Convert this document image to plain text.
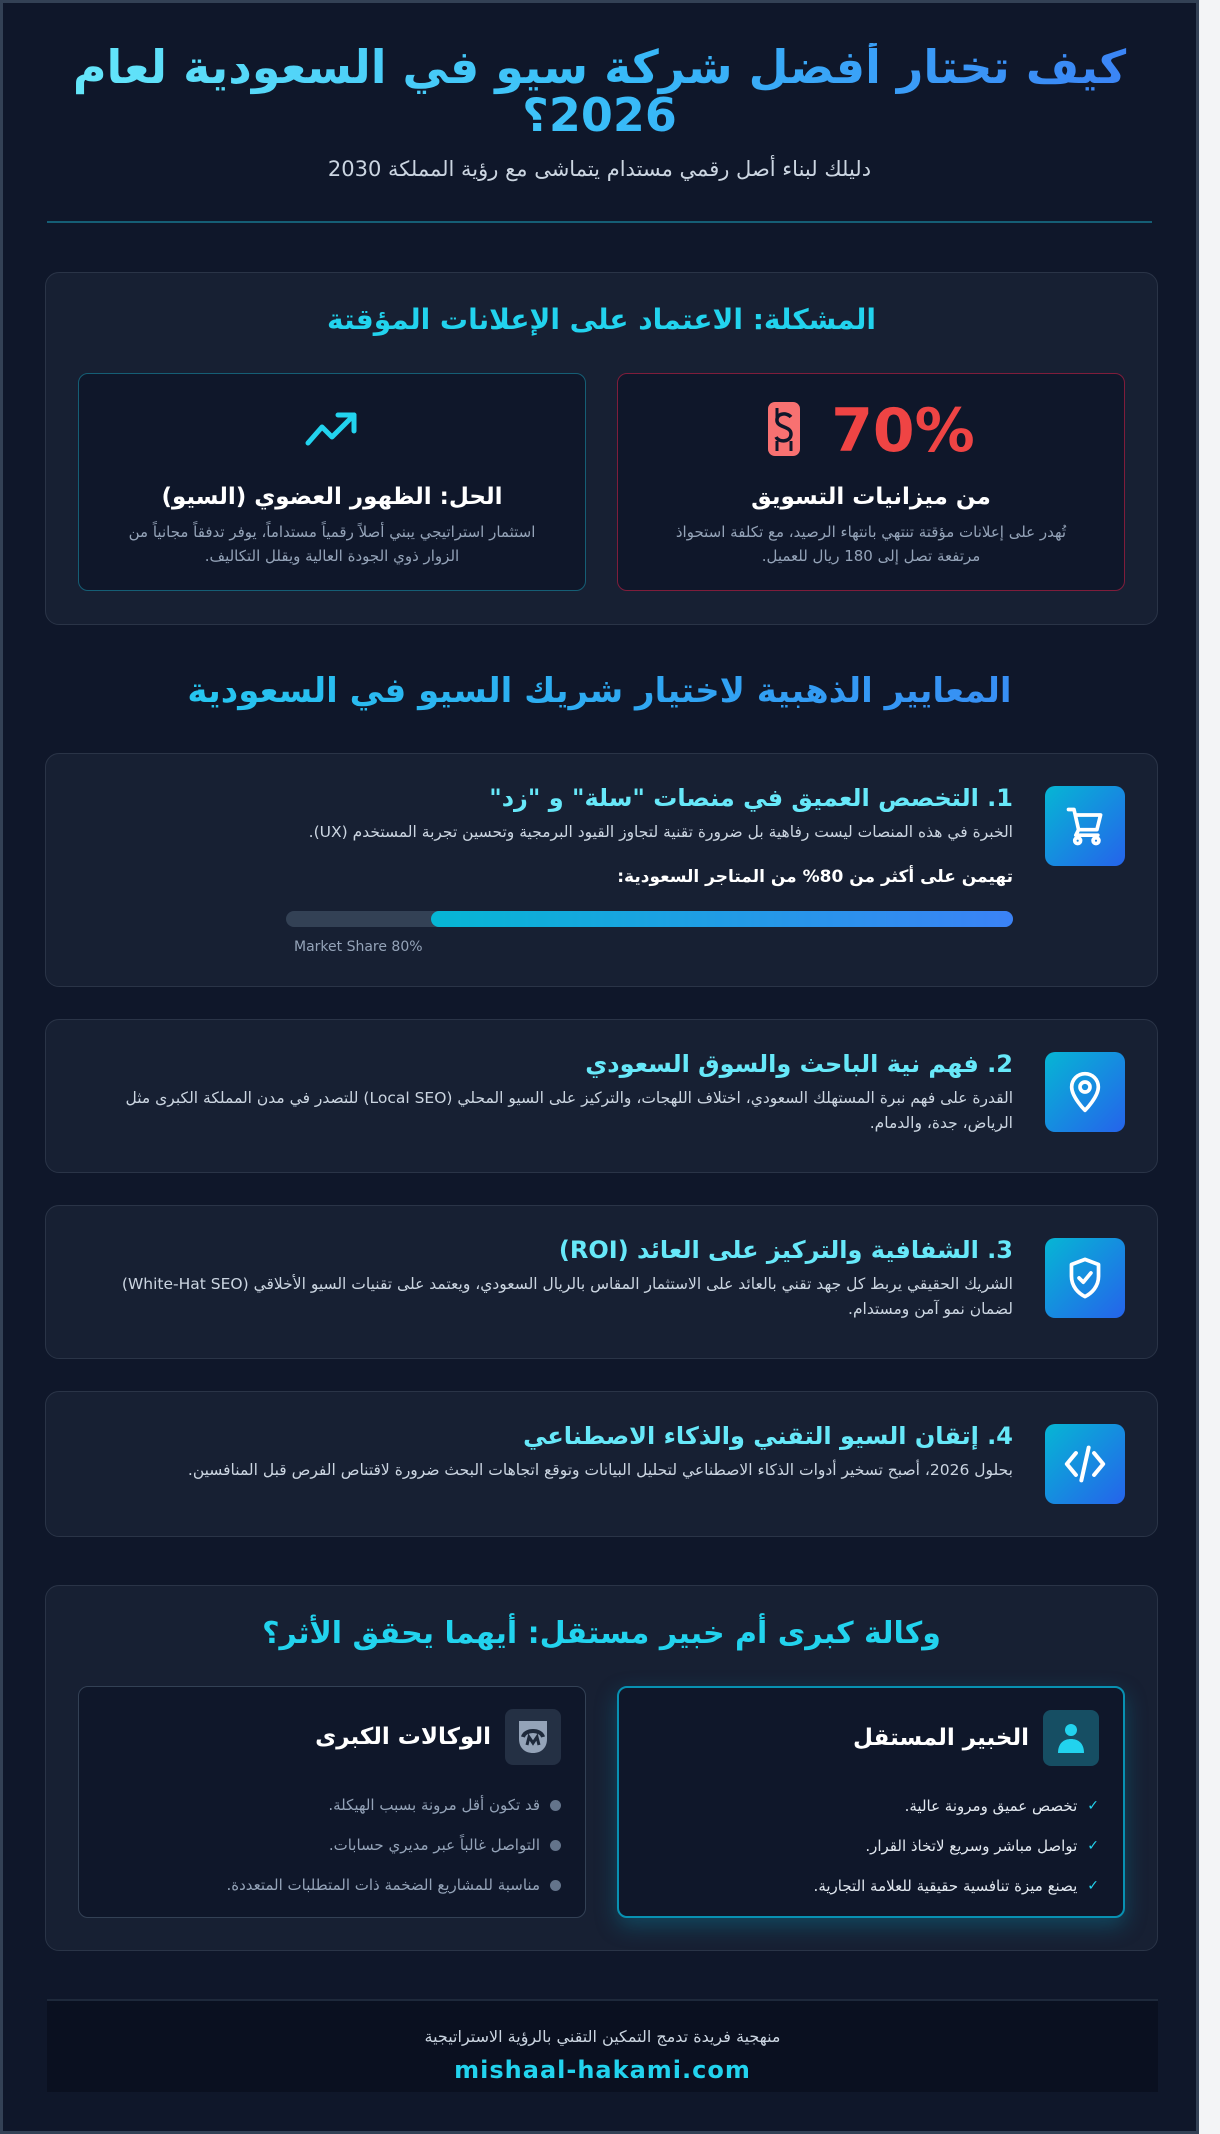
كيف تختار أفضل شركة سيو في السعودية لعام 2026؟
دليلك لبناء أصل رقمي مستدام يتماشى مع رؤية المملكة 2030
المشكلة: الاعتماد على الإعلانات المؤقتة
70%
من ميزانيات التسويق

تُهدر على إعلانات مؤقتة تنتهي بانتهاء الرصيد، مع تكلفة استحواذ مرتفعة تصل إلى 180 ريال للعميل.

الحل: الظهور العضوي (السيو)

استثمار استراتيجي يبني أصلاً رقمياً مستداماً، يوفر تدفقاً مجانياً من الزوار ذوي الجودة العالية ويقلل التكاليف.

المعايير الذهبية لاختيار شريك السيو في السعودية
1. التخصص العميق في منصات "سلة" و "زد"

الخبرة في هذه المنصات ليست رفاهية بل ضرورة تقنية لتجاوز القيود البرمجية وتحسين تجربة المستخدم (UX).

تهيمن على أكثر من 80% من المتاجر السعودية:
Market Share 80%
2. فهم نية الباحث والسوق السعودي

القدرة على فهم نبرة المستهلك السعودي، اختلاف اللهجات، والتركيز على السيو المحلي (Local SEO) للتصدر في مدن المملكة الكبرى مثل الرياض، جدة، والدمام.

3. الشفافية والتركيز على العائد (ROI)

الشريك الحقيقي يربط كل جهد تقني بالعائد على الاستثمار المقاس بالريال السعودي، ويعتمد على تقنيات السيو الأخلاقي (White-Hat SEO) لضمان نمو آمن ومستدام.

4. إتقان السيو التقني والذكاء الاصطناعي

بحلول 2026، أصبح تسخير أدوات الذكاء الاصطناعي لتحليل البيانات وتوقع اتجاهات البحث ضرورة لاقتناص الفرص قبل المنافسين.

وكالة كبرى أم خبير مستقل: أيهما يحقق الأثر؟
الخبير المستقل
✓
تخصص عميق ومرونة عالية.
✓
تواصل مباشر وسريع لاتخاذ القرار.
✓
يصنع ميزة تنافسية حقيقية للعلامة التجارية.
الوكالات الكبرى
قد تكون أقل مرونة بسبب الهيكلة.
التواصل غالباً عبر مديري حسابات.
مناسبة للمشاريع الضخمة ذات المتطلبات المتعددة.
منهجية فريدة تدمج التمكين التقني بالرؤية الاستراتيجية
mishaal-hakami.com
